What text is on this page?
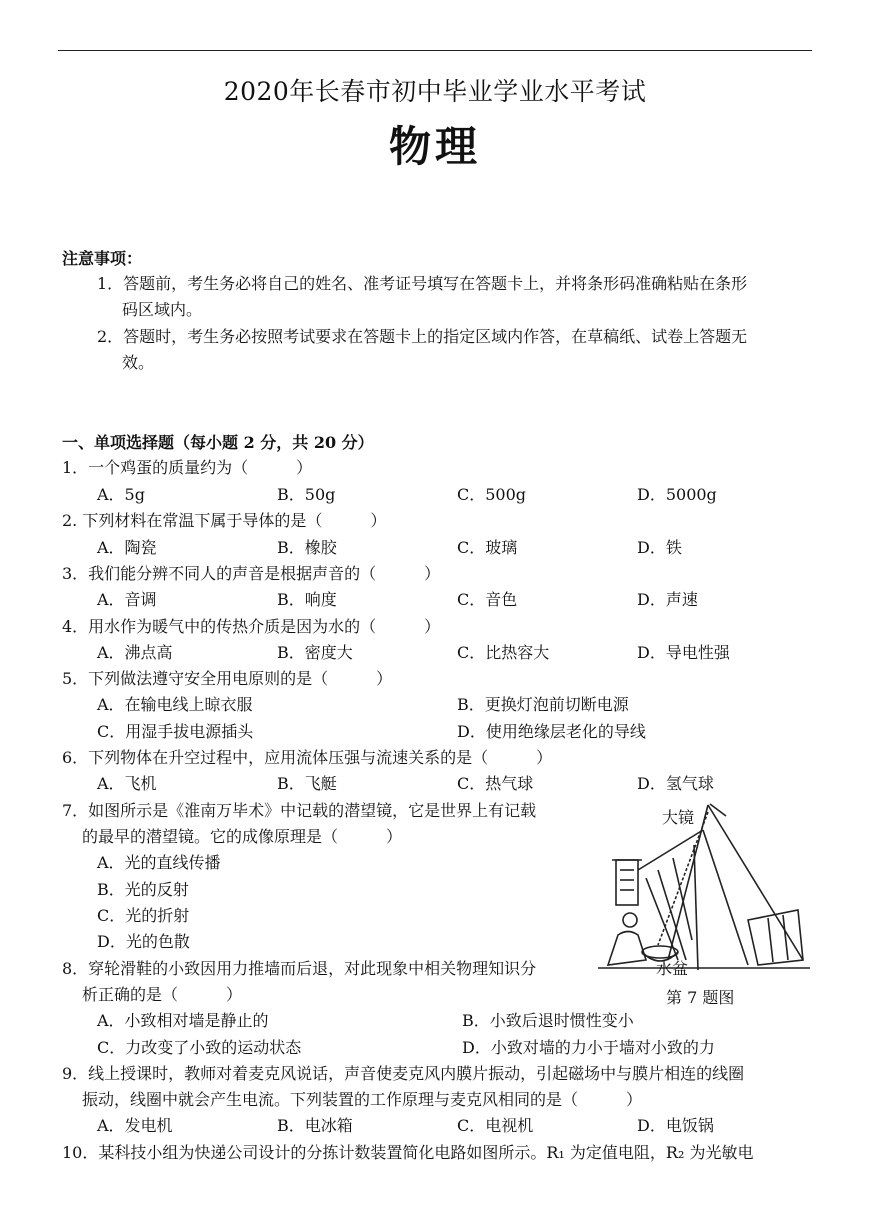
2020年长春市初中毕业学业水平考试
物理
注意事项：
1．答题前，考生务必将自己的姓名、准考证号填写在答题卡上，并将条形码准确粘贴在条形
码区域内。
2．答题时，考生务必按照考试要求在答题卡上的指定区域内作答，在草稿纸、试卷上答题无
效。
一、单项选择题（每小题 2 分，共 20 分）
1．一个鸡蛋的质量约为（　　　）
A．5g	B．50g	C．500g	D．5000g
2. 下列材料在常温下属于导体的是（　　　）
A．陶瓷	B．橡胶	C．玻璃	D．铁
3．我们能分辨不同人的声音是根据声音的（　　　）
A．音调	B．响度	C．音色	D．声速
4．用水作为暖气中的传热介质是因为水的（　　　）
A．沸点高	B．密度大	C．比热容大	D．导电性强
5．下列做法遵守安全用电原则的是（　　　）
A．在输电线上晾衣服	B．更换灯泡前切断电源
C．用湿手拔电源插头	D．使用绝缘层老化的导线
6．下列物体在升空过程中，应用流体压强与流速关系的是（　　　）
A．飞机	B．飞艇	C．热气球	D．氢气球
7．如图所示是《淮南万毕术》中记载的潜望镜，它是世界上有记载
的最早的潜望镜。它的成像原理是（　　　）
A．光的直线传播
B．光的反射
C．光的折射
D．光的色散
大镜
水盆
第 7 题图
8．穿轮滑鞋的小致因用力推墙而后退，对此现象中相关物理知识分
析正确的是（　　　）
A．小致相对墙是静止的	B．小致后退时惯性变小
C．力改变了小致的运动状态	D．小致对墙的力小于墙对小致的力
9．线上授课时，教师对着麦克风说话，声音使麦克风内膜片振动，引起磁场中与膜片相连的线圈
振动，线圈中就会产生电流。下列装置的工作原理与麦克风相同的是（　　　）
A．发电机	B．电冰箱	C．电视机	D．电饭锅
10．某科技小组为快递公司设计的分拣计数装置简化电路如图所示。R₁ 为定值电阻，R₂ 为光敏电
